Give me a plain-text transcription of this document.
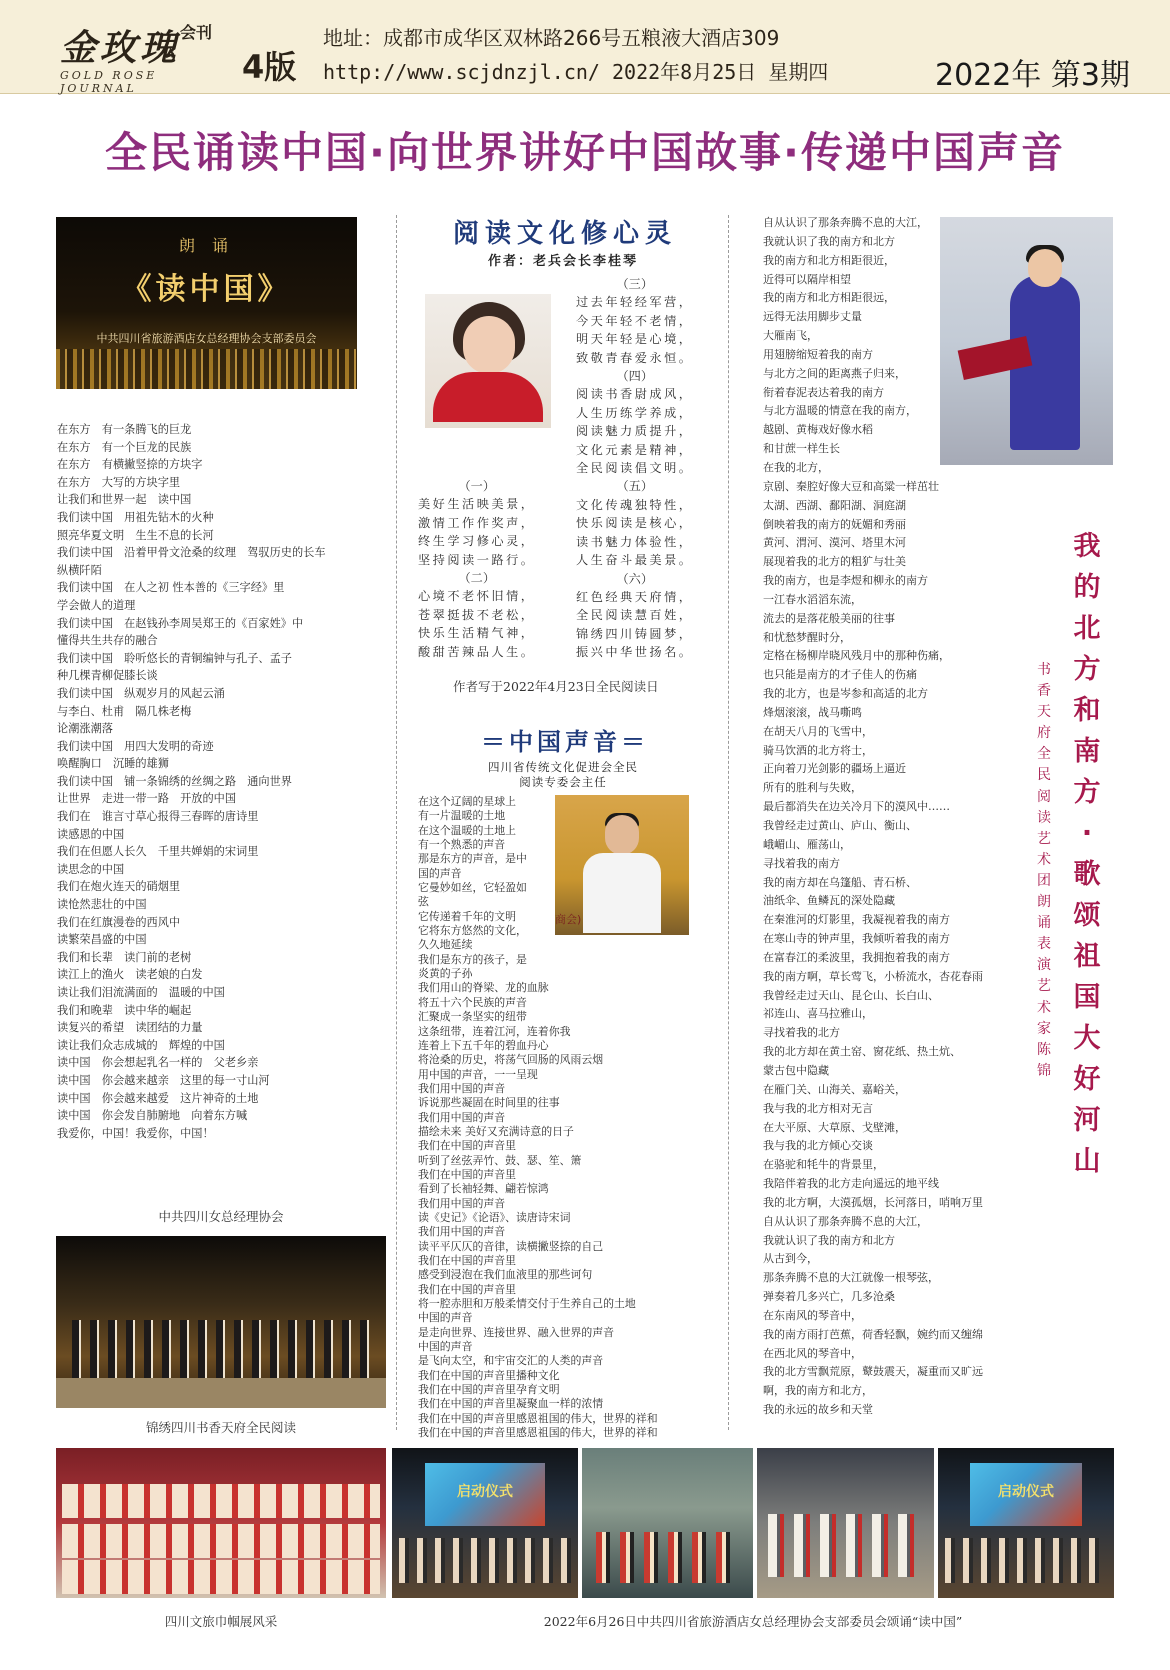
金玫瑰$^{会刊}$
GOLD ROSE JOURNAL
4版
地址：成都市成华区双林路266号五粮液大酒店309
http://www.scjdnzjl.cn/ 2022年8月25日 星期四	2022年 第3期
全民诵读中国·向世界讲好中国故事·传递中国声音
朗 诵
《读中国》
中共四川省旅游酒店女总经理协会支部委员会

在东方　有一条腾飞的巨龙

在东方　有一个巨龙的民族

在东方　有横撇竖捺的方块字

在东方　大写的方块字里

让我们和世界一起　读中国

我们读中国　用祖先钻木的火种

照亮华夏文明　生生不息的长河

我们读中国　沿着甲骨文沧桑的纹理　驾驭历史的长车

纵横阡陌

我们读中国　在人之初 性本善的《三字经》里

学会做人的道理

我们读中国　在赵钱孙李周吴郑王的《百家姓》中

懂得共生共存的融合

我们读中国　聆听悠长的青铜编钟与孔子、孟子

种几棵青柳促膝长谈

我们读中国　纵观岁月的风起云涌

与李白、杜甫　隔几株老梅

论潮涨潮落

我们读中国　用四大发明的奇迹

唤醒胸口　沉睡的雄狮

我们读中国　铺一条锦绣的丝绸之路　通向世界

让世界　走进一带一路　开放的中国

我们在　谁言寸草心报得三春晖的唐诗里

读感恩的中国

我们在但愿人长久　千里共婵娟的宋词里

读思念的中国

我们在炮火连天的硝烟里

读怆然悲壮的中国

我们在红旗漫卷的西风中

读繁荣昌盛的中国

我们和长辈　读门前的老树

读江上的渔火　读老娘的白发

读让我们泪流满面的　温暖的中国

我们和晚辈　读中华的崛起

读复兴的希望　读团结的力量

读让我们众志成城的　辉煌的中国

读中国　你会想起乳名一样的　父老乡亲

读中国　你会越来越亲　这里的每一寸山河

读中国　你会越来越爱　这片神奇的土地

读中国　你会发自肺腑地　向着东方喊

我爱你，中国！我爱你，中国！

中共四川女总经理协会
锦绣四川书香天府全民阅读
阅读文化修心灵
作者：老兵会长李桂琴
（三）
过去年轻经军营，
今天年轻不老情，
明天年轻是心境，
致敬青春爱永恒。
（四）
阅读书香尉成风，
人生历练学养成，
阅读魅力质提升，
文化元素是精神，
全民阅读倡文明。
（五）
文化传魂独特性，
快乐阅读是核心，
读书魅力体验性，
人生奋斗最美景。
（六）
红色经典天府情，
全民阅读慧百姓，
锦绣四川铸圆梦，
振兴中华世扬名。
（一）
美好生活映美景，
激情工作作奖声，
终生学习修心灵，
坚持阅读一路行。
（二）
心境不老怀旧情，
苍翠挺拔不老松，
快乐生活精气神，
酸甜苦辣品人生。
作者写于2022年4月23日全民阅读日
＝中国声音＝
四川省传统文化促进会全民
阅读专委会主任
商会)

在这个辽阔的星球上

有一片温暖的土地

在这个温暖的土地上

有一个熟悉的声音

那是东方的声音，是中

国的声音

它曼妙如丝，它轻盈如

弦

它传递着千年的文明

它将东方悠然的文化，

久久地延续

我们是东方的孩子，是

炎黄的子孙

我们用山的脊梁、龙的血脉

将五十六个民族的声音

汇聚成一条坚实的纽带

这条纽带，连着江河，连着你我

连着上下五千年的碧血丹心

将沧桑的历史，将荡气回肠的风雨云烟

用中国的声音，一一呈现

我们用中国的声音

诉说那些凝固在时间里的往事

我们用中国的声音

描绘未来 美好又充满诗意的日子

我们在中国的声音里

听到了丝弦弄竹、鼓、瑟、笙、箫

我们在中国的声音里

看到了长袖轻舞、翩若惊鸿

我们用中国的声音

读《史记》《论语》、读唐诗宋词

我们用中国的声音

读平平仄仄的音律，读横撇竖捺的自己

我们在中国的声音里

感受到浸泡在我们血液里的那些诃句

我们在中国的声音里

将一腔赤胆和万般柔情交付于生养自己的土地

中国的声音

是走向世界、连接世界、融入世界的声音

中国的声音

是飞向太空，和宇宙交汇的人类的声音

我们在中国的声音里播种文化

我们在中国的声音里孕育文明

我们在中国的声音里凝聚血一样的浓情

我们在中国的声音里感恩祖国的伟大，世界的祥和

我们在中国的声音里感恩祖国的伟大，世界的祥和

自从认识了那条奔腾不息的大江，

我就认识了我的南方和北方

我的南方和北方相距很近，

近得可以隔岸相望

我的南方和北方相距很远，

远得无法用脚步丈量

大雁南飞，

用翅膀缩短着我的南方

与北方之间的距离燕子归来，

衔着春泥表达着我的南方

与北方温暖的情意在我的南方，

越剧、黄梅戏好像水稻

和甘蔗一样生长

在我的北方，

京剧、秦腔好像大豆和高粱一样茁壮

太湖、西湖、鄱阳湖、洞庭湖

倒映着我的南方的妩媚和秀丽

黄河、渭河、漠河、塔里木河

展现着我的北方的粗犷与壮美

我的南方，也是李煜和柳永的南方

一江春水滔滔东流，

流去的是落花般美丽的往事

和忧愁梦醒时分，

定格在杨柳岸晓风残月中的那种伤痛，

也只能是南方的才子佳人的伤痛

我的北方，也是岑参和高适的北方

烽烟滚滚，战马嘶鸣

在胡天八月的飞雪中，

骑马饮酒的北方将士，

正向着刀光剑影的疆场上逼近

所有的胜利与失败，

最后都消失在边关冷月下的漠风中……

我曾经走过黄山、庐山、衡山、

峨嵋山、雁荡山，

寻找着我的南方

我的南方却在乌篷船、青石桥、

油纸伞、鱼鳞瓦的深处隐藏

在秦淮河的灯影里，我凝视着我的南方

在寒山寺的钟声里，我倾听着我的南方

在富春江的柔波里，我拥抱着我的南方

我的南方啊，草长莺飞，小桥流水，杏花春雨

我曾经走过天山、昆仑山、长白山、

祁连山、喜马拉雅山，

寻找着我的北方

我的北方却在黄土窑、窗花纸、热土炕、

蒙古包中隐藏

在雁门关、山海关、嘉峪关，

我与我的北方相对无言

在大平原、大草原、戈壁滩，

我与我的北方倾心交谈

在骆驼和牦牛的背景里，

我陪伴着我的北方走向遥远的地平线

我的北方啊，大漠孤烟，长河落日，哨响万里

自从认识了那条奔腾不息的大江，

我就认识了我的南方和北方

从古到今，

那条奔腾不息的大江就像一根琴弦，

弹奏着几多兴亡，几多沧桑

在东南风的琴音中，

我的南方雨打芭蕉，荷香轻飘，婉约而又缠绵

在西北风的琴音中，

我的北方雪飘荒原，鼙鼓震天，凝重而又旷远

啊，我的南方和北方，

我的永远的故乡和天堂

我
的
北
方
和
南
方
·
歌
颂
祖
国
大
好
河
山
书
香
天
府
全
民
阅
读
艺
术
团
朗
诵
表
演
艺
术
家
陈
锦
启动仪式	启动仪式
四川文旅巾帼展风采	2022年6月26日中共四川省旅游酒店女总经理协会支部委员会颂诵“读中国”
